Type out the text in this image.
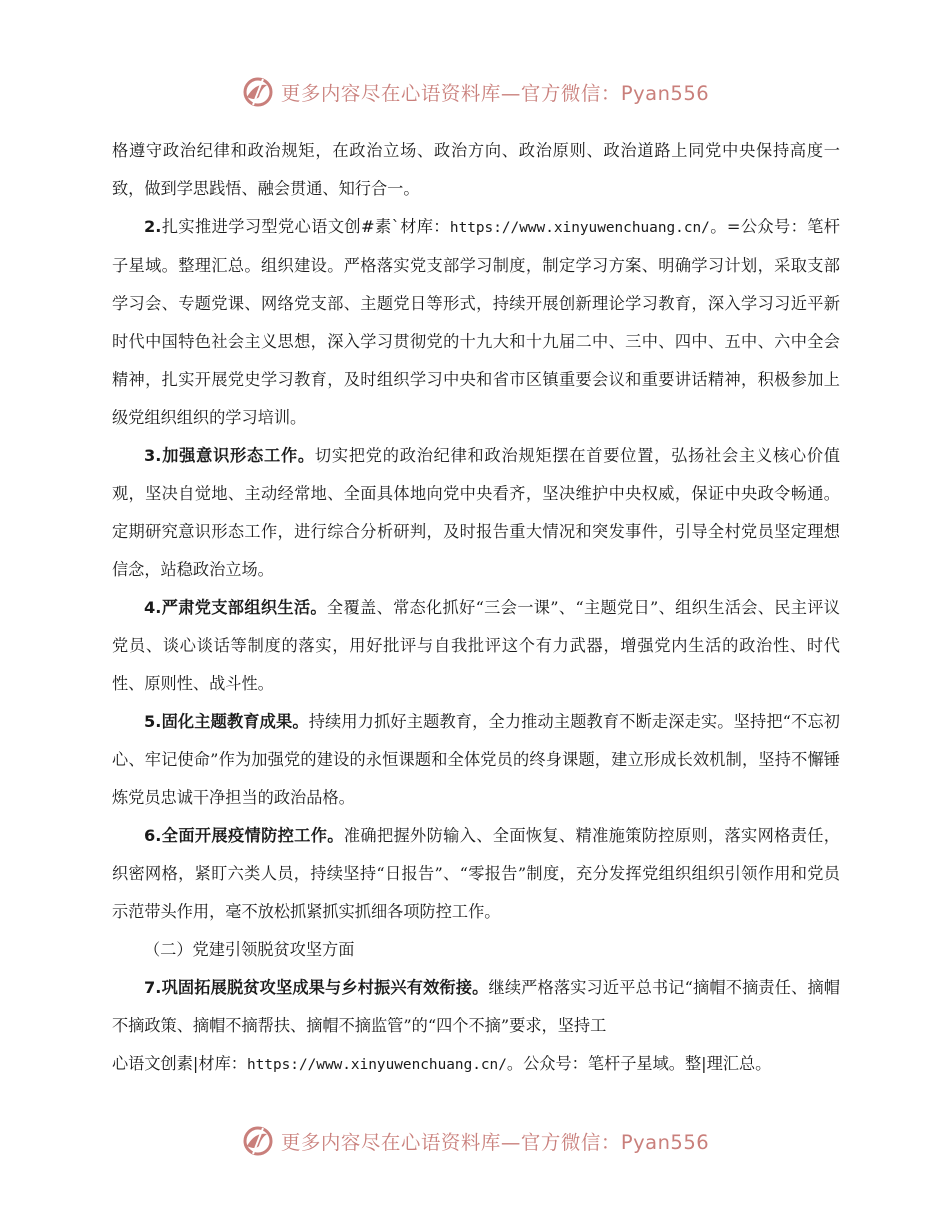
更多内容尽在心语资料库—官方微信：Pyan556

格遵守政治纪律和政治规矩，在政治立场、政治方向、政治原则、政治道路上同党中央保持高度一致，做到学思践悟、融会贯通、知行合一。

2.扎实推进学习型党心语文创#素`材库：https://www.xinyuwenchuang.cn/。=公众号：笔杆子星域。整理汇总。组织建设。严格落实党支部学习制度，制定学习方案、明确学习计划，采取支部学习会、专题党课、网络党支部、主题党日等形式，持续开展创新理论学习教育，深入学习习近平新时代中国特色社会主义思想，深入学习贯彻党的十九大和十九届二中、三中、四中、五中、六中全会精神，扎实开展党史学习教育，及时组织学习中央和省市区镇重要会议和重要讲话精神，积极参加上级党组织组织的学习培训。

3.加强意识形态工作。切实把党的政治纪律和政治规矩摆在首要位置，弘扬社会主义核心价值观，坚决自觉地、主动经常地、全面具体地向党中央看齐，坚决维护中央权威，保证中央政令畅通。定期研究意识形态工作，进行综合分析研判，及时报告重大情况和突发事件，引导全村党员坚定理想信念，站稳政治立场。

4.严肃党支部组织生活。全覆盖、常态化抓好“三会一课”、“主题党日”、组织生活会、民主评议党员、谈心谈话等制度的落实，用好批评与自我批评这个有力武器，增强党内生活的政治性、时代性、原则性、战斗性。

5.固化主题教育成果。持续用力抓好主题教育，全力推动主题教育不断走深走实。坚持把“不忘初心、牢记使命”作为加强党的建设的永恒课题和全体党员的终身课题，建立形成长效机制，坚持不懈锤炼党员忠诚干净担当的政治品格。

6.全面开展疫情防控工作。准确把握外防输入、全面恢复、精准施策防控原则，落实网格责任，织密网格，紧盯六类人员，持续坚持“日报告”、“零报告”制度，充分发挥党组织组织引领作用和党员示范带头作用，毫不放松抓紧抓实抓细各项防控工作。

（二）党建引领脱贫攻坚方面

7.巩固拓展脱贫攻坚成果与乡村振兴有效衔接。继续严格落实习近平总书记“摘帽不摘责任、摘帽不摘政策、摘帽不摘帮扶、摘帽不摘监管”的“四个不摘”要求，坚持工

心语文创素|材库：https://www.xinyuwenchuang.cn/。公众号：笔杆子星域。整|理汇总。

更多内容尽在心语资料库—官方微信：Pyan556
